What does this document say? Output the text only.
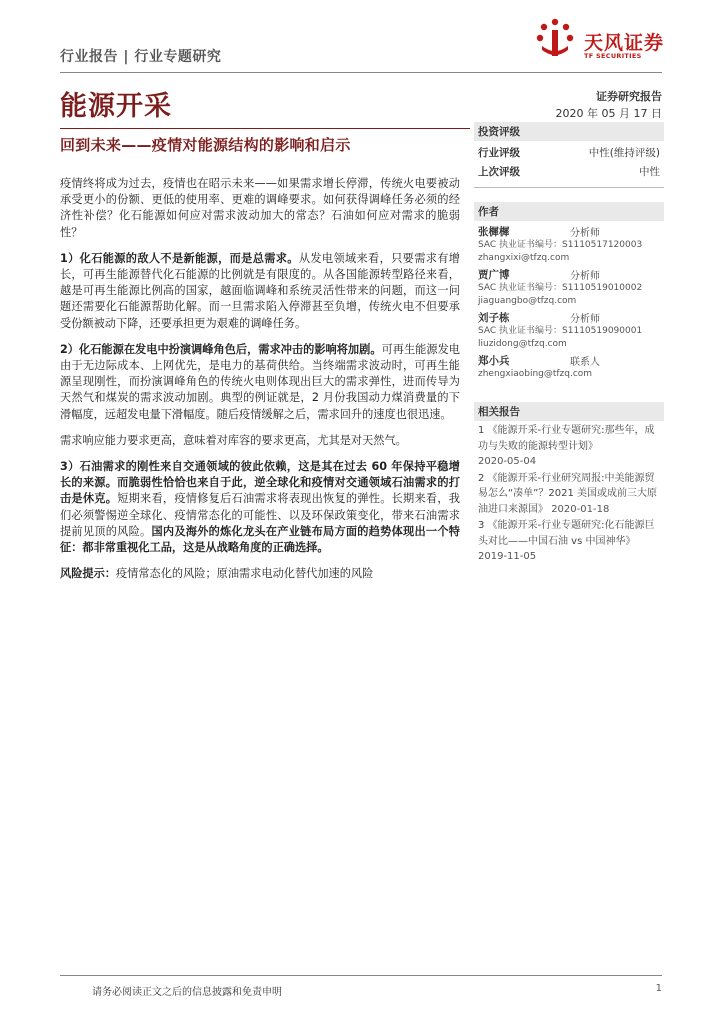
行业报告 | 行业专题研究
天风证券
TF SECURITIES
能源开采	证券研究报告
2020 年 05 月 17 日
回到未来——疫情对能源结构的影响和启示
投资评级
行业评级	中性(维持评级)
上次评级	中性
作者
张樨樨	分析师
SAC 执业证书编号：S1110517120003
zhangxixi@tfzq.com
贾广博	分析师
SAC 执业证书编号：S1110519010002
jiaguangbo@tfzq.com
刘子栋	分析师
SAC 执业证书编号：S1110519090001
liuzidong@tfzq.com
郑小兵	联系人
zhengxiaobing@tfzq.com
相关报告
1 《能源开采-行业专题研究:那些年，成功与失败的能源转型计划》
2020-05-04
2 《能源开采-行业研究周报:中美能源贸易怎么“凑单”？2021 美国或成前三大原油进口来源国》 2020-01-18
3 《能源开采-行业专题研究:化石能源巨头对比——中国石油 vs 中国神华》
2019-11-05

疫情终将成为过去，疫情也在昭示未来——如果需求增长停滞，传统火电要被动承受更小的份额、更低的使用率、更难的调峰要求。如何获得调峰任务必须的经济性补偿？化石能源如何应对需求波动加大的常态？石油如何应对需求的脆弱性？

1）化石能源的敌人不是新能源，而是总需求。从发电领域来看，只要需求有增长，可再生能源替代化石能源的比例就是有限度的。从各国能源转型路径来看，越是可再生能源比例高的国家，越面临调峰和系统灵活性带来的问题，而这一问题还需要化石能源帮助化解。而一旦需求陷入停滞甚至负增，传统火电不但要承受份额被动下降，还要承担更为艰难的调峰任务。

2）化石能源在发电中扮演调峰角色后，需求冲击的影响将加剧。可再生能源发电由于无边际成本、上网优先，是电力的基荷供给。当终端需求波动时，可再生能源呈现刚性，而扮演调峰角色的传统火电则体现出巨大的需求弹性，进而传导为天然气和煤炭的需求波动加剧。典型的例证就是，2 月份我国动力煤消费量的下滑幅度，远超发电量下滑幅度。随后疫情缓解之后，需求回升的速度也很迅速。

需求响应能力要求更高，意味着对库容的要求更高，尤其是对天然气。

3）石油需求的刚性来自交通领域的彼此依赖，这是其在过去 60 年保持平稳增长的来源。而脆弱性恰恰也来自于此，逆全球化和疫情对交通领域石油需求的打击是休克。短期来看，疫情修复后石油需求将表现出恢复的弹性。长期来看，我们必须警惕逆全球化、疫情常态化的可能性、以及环保政策变化，带来石油需求提前见顶的风险。国内及海外的炼化龙头在产业链布局方面的趋势体现出一个特征：都非常重视化工品，这是从战略角度的正确选择。

风险提示：疫情常态化的风险；原油需求电动化替代加速的风险

请务必阅读正文之后的信息披露和免责申明	1
